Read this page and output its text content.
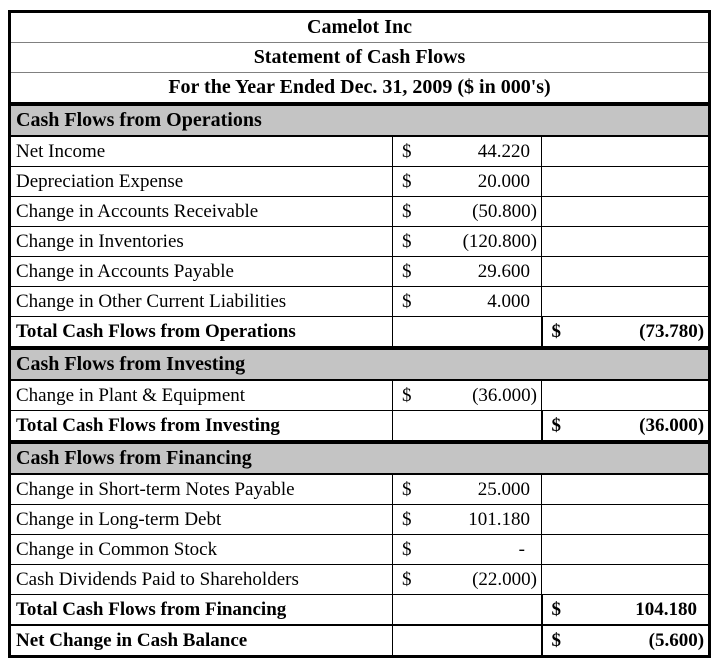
Camelot Inc		
Statement of Cash Flows		
For the Year Ended Dec. 31, 2009 ($ in 000's)		
Cash Flows from Operations		
Net Income	$ 44.220	

Depreciation Expense	$ 20.000	

Change in Accounts Receivable	$ (50.800)	

Change in Inventories	$ (120.800)	

Change in Accounts Payable	$ 29.600	

Change in Other Current Liabilities	$ 4.000	

Total Cash Flows from Operations		$ (73.780)

Cash Flows from Investing		
Change in Plant & Equipment	$ (36.000)	

Total Cash Flows from Investing		$ (36.000)

Cash Flows from Financing		
Change in Short-term Notes Payable	$ 25.000	

Change in Long-term Debt	$ 101.180	

Change in Common Stock	$ -	

Cash Dividends Paid to Shareholders	$ (22.000)	

Total Cash Flows from Financing		$ 104.180

Net Change in Cash Balance		$ (5.600)
